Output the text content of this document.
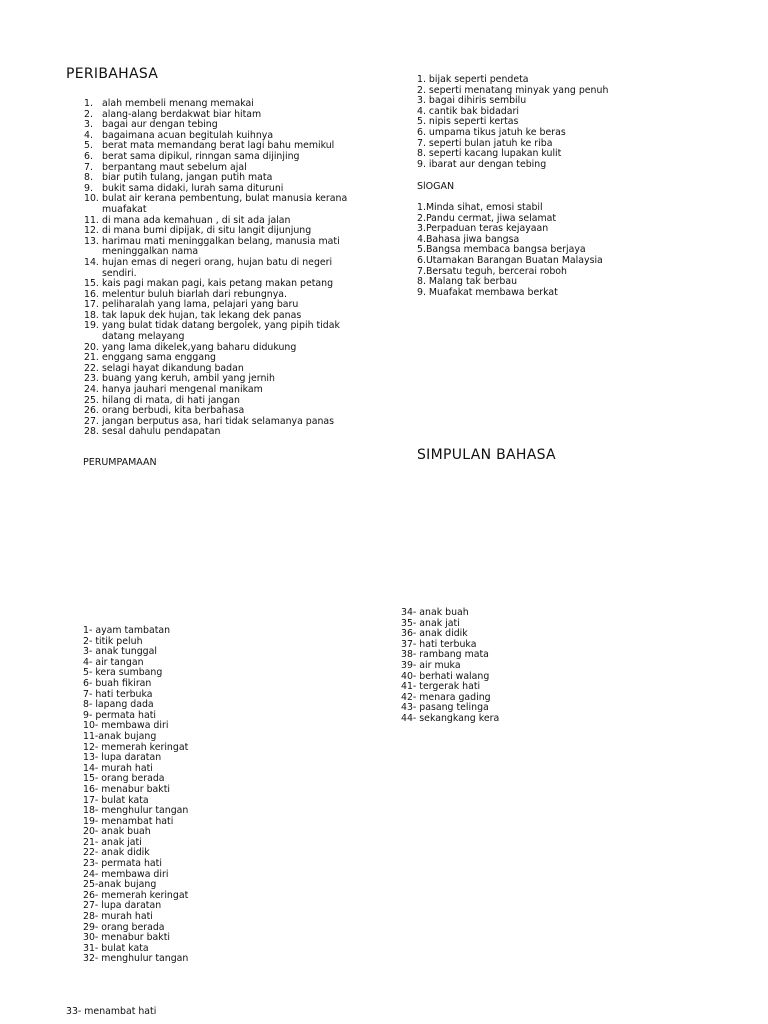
PERIBAHASA
1. alah membeli menang memakai
2. alang-alang berdakwat biar hitam
3. bagai aur dengan tebing
4. bagaimana acuan begitulah kuihnya
5. berat mata memandang berat lagi bahu memikul
6. berat sama dipikul, rinngan sama dijinjing
7. berpantang maut sebelum ajal
8. biar putih tulang, jangan putih mata
9. bukit sama didaki, lurah sama dituruni
10. bulat air kerana pembentung, bulat manusia kerana
muafakat
11. di mana ada kemahuan , di sit ada jalan
12. di mana bumi dipijak, di situ langit dijunjung
13. harimau mati meninggalkan belang, manusia mati
meninggalkan nama
14. hujan emas di negeri orang, hujan batu di negeri
sendiri.
15. kais pagi makan pagi, kais petang makan petang
16. melentur buluh biarlah dari rebungnya.
17. peliharalah yang lama, pelajari yang baru
18. tak lapuk dek hujan, tak lekang dek panas
19. yang bulat tidak datang bergolek, yang pipih tidak
datang melayang
20. yang lama dikelek,yang baharu didukung
21. enggang sama enggang
22. selagi hayat dikandung badan
23. buang yang keruh, ambil yang jernih
24. hanya jauhari mengenal manikam
25. hilang di mata, di hati jangan
26. orang berbudi, kita berbahasa
27. jangan berputus asa, hari tidak selamanya panas
28. sesal dahulu pendapatan
PERUMPAMAAN
1. bijak seperti pendeta
2. seperti menatang minyak yang penuh
3. bagai dihiris sembilu
4. cantik bak bidadari
5. nipis seperti kertas
6. umpama tikus jatuh ke beras
7. seperti bulan jatuh ke riba
8. seperti kacang lupakan kulit
9. ibarat aur dengan tebing
SlOGAN
1.Minda sihat, emosi stabil
2.Pandu cermat, jiwa selamat
3.Perpaduan teras kejayaan
4.Bahasa jiwa bangsa
5.Bangsa membaca bangsa berjaya
6.Utamakan Barangan Buatan Malaysia
7.Bersatu teguh, bercerai roboh
8. Malang tak berbau
9. Muafakat membawa berkat
SIMPULAN BAHASA
1- ayam tambatan
2- titik peluh
3- anak tunggal
4- air tangan
5- kera sumbang
6- buah fikiran
7- hati terbuka
8- lapang dada
9- permata hati
10- membawa diri
11-anak bujang
12- memerah keringat
13- lupa daratan
14- murah hati
15- orang berada
16- menabur bakti
17- bulat kata
18- menghulur tangan
19- menambat hati
20- anak buah
21- anak jati
22- anak didik
23- permata hati
24- membawa diri
25-anak bujang
26- memerah keringat
27- lupa daratan
28- murah hati
29- orang berada
30- menabur bakti
31- bulat kata
32- menghulur tangan
34- anak buah
35- anak jati
36- anak didik
37- hati terbuka
38- rambang mata
39- air muka
40- berhati walang
41- tergerak hati
42- menara gading
43- pasang telinga
44- sekangkang kera
33- menambat hati
